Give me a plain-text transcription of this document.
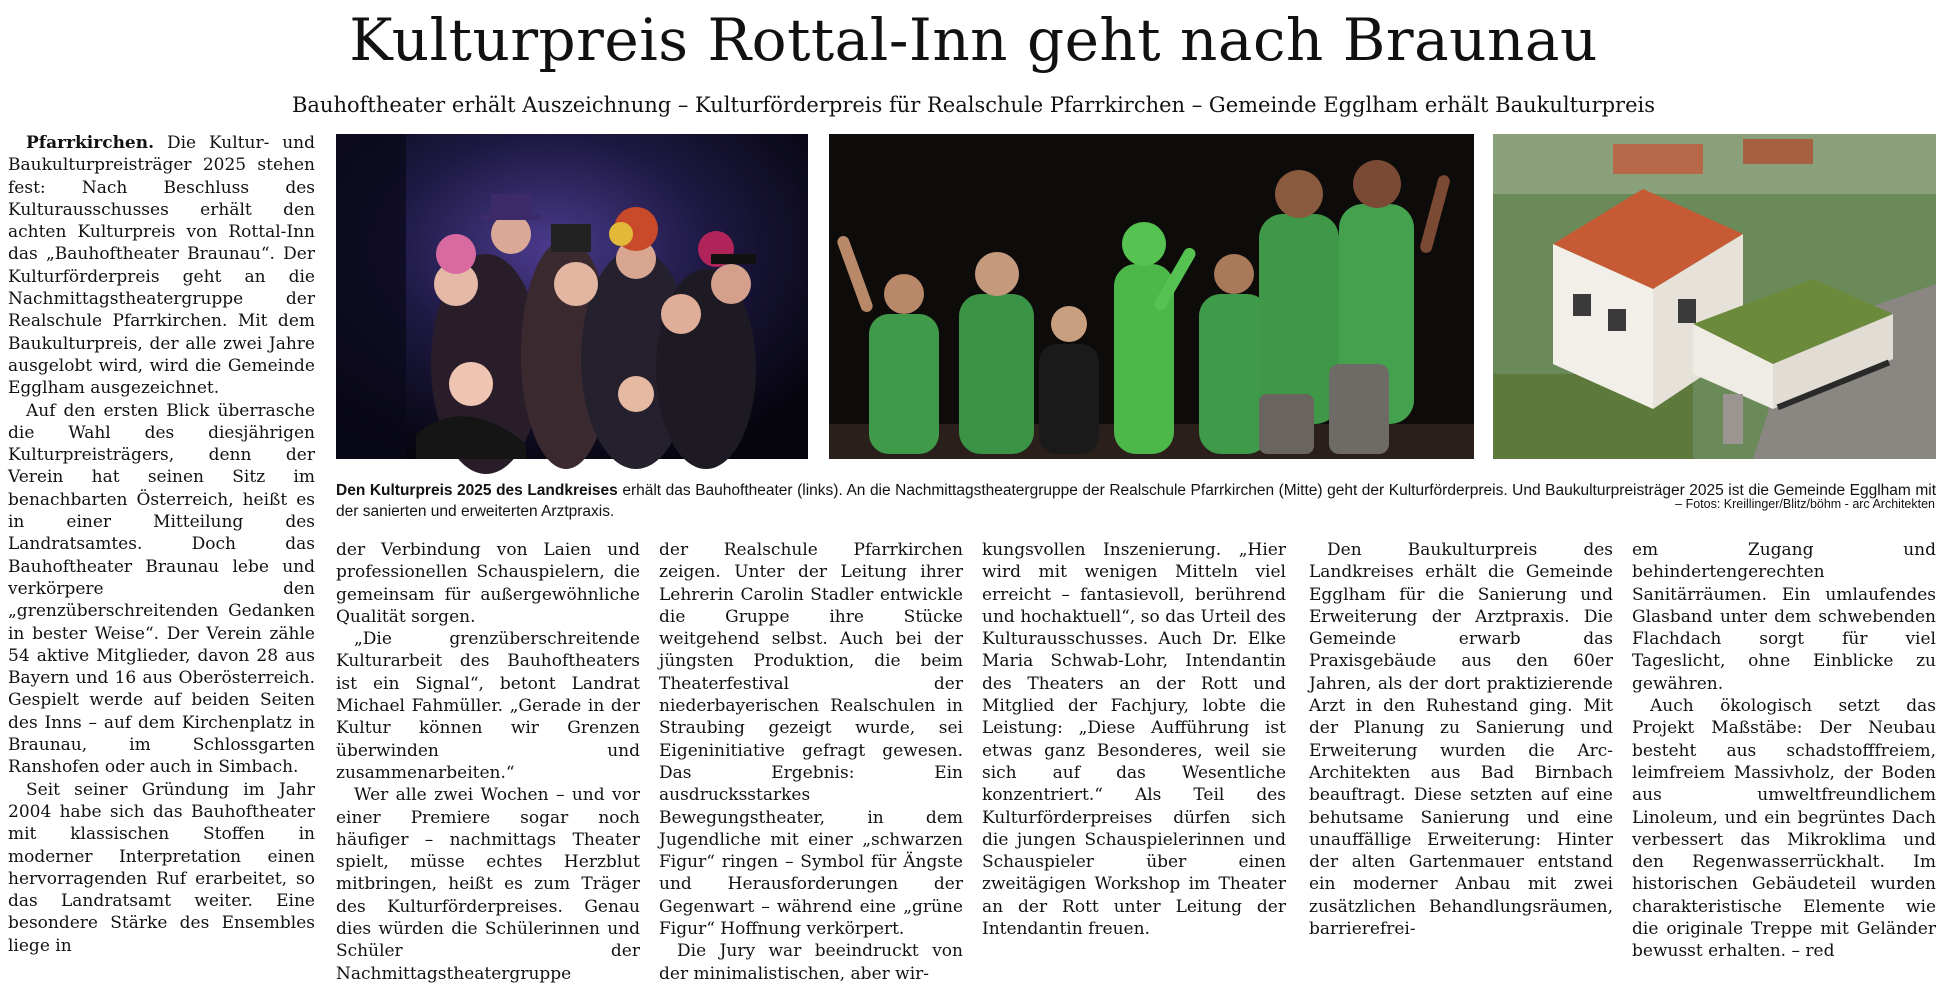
Kulturpreis Rottal-Inn geht nach Braunau
Bauhoftheater erhält Auszeichnung – Kulturförderpreis für Realschule Pfarrkirchen – Gemeinde Egglham erhält Baukulturpreis

Pfarrkirchen. Die Kultur- und Baukulturpreisträger 2025 stehen fest: Nach Beschluss des Kulturausschusses erhält den achten Kulturpreis von Rottal-Inn das „Bauhoftheater Braunau“. Der Kulturförderpreis geht an die Nachmittagstheatergruppe der Realschule Pfarrkirchen. Mit dem Baukulturpreis, der alle zwei Jahre ausgelobt wird, wird die Gemeinde Egglham ausgezeichnet.

Auf den ersten Blick überrasche die Wahl des diesjährigen Kulturpreisträgers, denn der Verein hat seinen Sitz im benachbarten Österreich, heißt es in einer Mitteilung des Landratsamtes. Doch das Bauhoftheater Braunau lebe und verkörpere den „grenzüberschreitenden Gedanken in bester Weise“. Der Verein zähle 54 aktive Mitglieder, davon 28 aus Bayern und 16 aus Oberösterreich. Gespielt werde auf beiden Seiten des Inns – auf dem Kirchenplatz in Braunau, im Schlossgarten Ranshofen oder auch in Simbach.

Seit seiner Gründung im Jahr 2004 habe sich das Bauhoftheater mit klassischen Stoffen in moderner Interpretation einen hervorragenden Ruf erarbeitet, so das Landratsamt weiter. Eine besondere Stärke des Ensembles liege in

Den Kulturpreis 2025 des Landkreises erhält das Bauhoftheater (links). An die Nachmittagstheatergruppe der Realschule Pfarrkirchen (Mitte) geht der Kulturförderpreis. Und Baukulturpreisträger 2025 ist die Gemeinde Egglham mit der sanierten und erweiterten Arztpraxis.	– Fotos: Kreillinger/Blitz/böhm - arc Architekten

der Verbindung von Laien und professionellen Schauspielern, die gemeinsam für außergewöhnliche Qualität sorgen.

„Die grenzüberschreitende Kulturarbeit des Bauhoftheaters ist ein Signal“, betont Landrat Michael Fahmüller. „Gerade in der Kultur können wir Grenzen überwinden und zusammenarbeiten.“

Wer alle zwei Wochen – und vor einer Premiere sogar noch häufiger – nachmittags Theater spielt, müsse echtes Herzblut mitbringen, heißt es zum Träger des Kulturförderpreises. Genau dies würden die Schülerinnen und Schüler der Nachmittagstheatergruppe

der Realschule Pfarrkirchen zeigen. Unter der Leitung ihrer Lehrerin Carolin Stadler entwickle die Gruppe ihre Stücke weitgehend selbst. Auch bei der jüngsten Produktion, die beim Theaterfestival der niederbayerischen Realschulen in Straubing gezeigt wurde, sei Eigeninitiative gefragt gewesen. Das Ergebnis: Ein ausdrucksstarkes Bewegungstheater, in dem Jugendliche mit einer „schwarzen Figur“ ringen – Symbol für Ängste und Herausforderungen der Gegenwart – während eine „grüne Figur“ Hoffnung verkörpert.

Die Jury war beeindruckt von der minimalistischen, aber wir-

kungsvollen Inszenierung. „Hier wird mit wenigen Mitteln viel erreicht – fantasievoll, berührend und hochaktuell“, so das Urteil des Kulturausschusses. Auch Dr. Elke Maria Schwab-Lohr, Intendantin des Theaters an der Rott und Mitglied der Fachjury, lobte die Leistung: „Diese Aufführung ist etwas ganz Besonderes, weil sie sich auf das Wesentliche konzentriert.“ Als Teil des Kulturförderpreises dürfen sich die jungen Schauspielerinnen und Schauspieler über einen zweitägigen Workshop im Theater an der Rott unter Leitung der Intendantin freuen.

Den Baukulturpreis des Landkreises erhält die Gemeinde Egglham für die Sanierung und Erweiterung der Arztpraxis. Die Gemeinde erwarb das Praxisgebäude aus den 60er Jahren, als der dort praktizierende Arzt in den Ruhestand ging. Mit der Planung zu Sanierung und Erweiterung wurden die Arc-Architekten aus Bad Birnbach beauftragt. Diese setzten auf eine behutsame Sanierung und eine unauffällige Erweiterung: Hinter der alten Gartenmauer entstand ein moderner Anbau mit zwei zusätzlichen Behandlungsräumen, barrierefrei-

em Zugang und behindertengerechten Sanitärräumen. Ein umlaufendes Glasband unter dem schwebenden Flachdach sorgt für viel Tageslicht, ohne Einblicke zu gewähren.

Auch ökologisch setzt das Projekt Maßstäbe: Der Neubau besteht aus schadstofffreiem, leimfreiem Massivholz, der Boden aus umweltfreundlichem Linoleum, und ein begrüntes Dach verbessert das Mikroklima und den Regenwasserrückhalt. Im historischen Gebäudeteil wurden charakteristische Elemente wie die originale Treppe mit Geländer bewusst erhalten. – red
